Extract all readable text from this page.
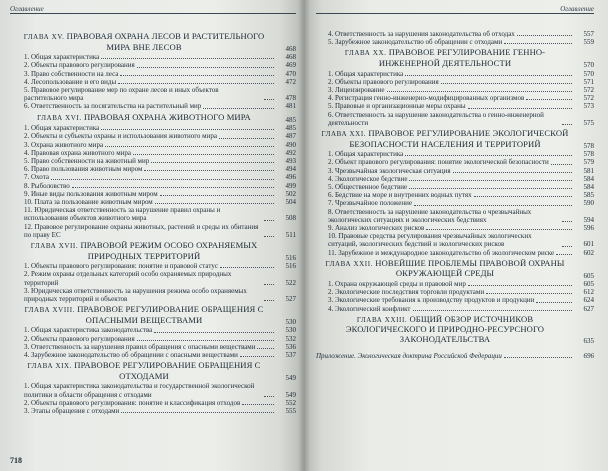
Оглавление
ГЛАВА XV. ПРАВОВАЯ ОХРАНА ЛЕСОВ И РАСТИТЕЛЬНОГО МИРА ВНЕ ЛЕСОВ	468
1. Общая характеристика	468
2. Объекты правового регулирования	469
3. Право собственности на леса	470
4. Лесопользование и его виды	472
5. Правовое регулирование мер по охране лесов и иных объектов растительного мира	478
6. Ответственность за посягательства на растительный мир	481
ГЛАВА XVI. ПРАВОВАЯ ОХРАНА ЖИВОТНОГО МИРА	485
1. Общая характеристика	485
2. Объекты и субъекты охраны и использования животного мира	487
3. Охрана животного мира	490
4. Правовая охрана животного мира	492
5. Право собственности на животный мир	493
6. Право пользования животным миром	494
7. Охота	496
8. Рыболовство	499
9. Иные виды пользования животным миром	502
10. Плата за пользование животным миром	504
11. Юридическая ответственность за нарушение правил охраны и использования объектов животного мира	508
12. Правовое регулирование охраны животных, растений и среды их обитания по праву ЕС	511
ГЛАВА XVII. ПРАВОВОЙ РЕЖИМ ОСОБО ОХРАНЯЕМЫХ ПРИРОДНЫХ ТЕРРИТОРИЙ	516
1. Объекты правового регулирования: понятие и правовой статус	516
2. Режим охраны отдельных категорий особо охраняемых природных территорий	522
3. Юридическая ответственность за нарушения режима особо охраняемых природных территорий и объектов	527
ГЛАВА XVIII. ПРАВОВОЕ РЕГУЛИРОВАНИЕ ОБРАЩЕНИЯ С ОПАСНЫМИ ВЕЩЕСТВАМИ	530
1. Общая характеристика законодательства	530
2. Объекты правового регулирования	532
3. Ответственность за нарушения правил обращения с опасными веществами	536
4. Зарубежное законодательство об обращении с опасными веществами	537
ГЛАВА XIX. ПРАВОВОЕ РЕГУЛИРОВАНИЕ ОБРАЩЕНИЯ С ОТХОДАМИ	549
1. Общая характеристика законодательства и государственной экологической политики в области обращения с отходами	549
2. Объекты правового регулирования: понятие и классификация отходов	552
3. Этапы обращения с отходами	555
718
Оглавление
4. Ответственность за нарушения законодательства об отходах	557
5. Зарубежное законодательство об обращении с отходами	559
ГЛАВА XX. ПРАВОВОЕ РЕГУЛИРОВАНИЕ ГЕННО-ИНЖЕНЕРНОЙ ДЕЯТЕЛЬНОСТИ	570
1. Общая характеристика	570
2. Объекты правового регулирования	571
3. Лицензирование	572
4. Регистрация генно-инженерно-модифицированных организмов	572
5. Правовые и организационные меры охраны	573
6. Ответственность за нарушение законодательства о генно-инженерной деятельности	575
ГЛАВА XXI. ПРАВОВОЕ РЕГУЛИРОВАНИЕ ЭКОЛОГИЧЕСКОЙ БЕЗОПАСНОСТИ НАСЕЛЕНИЯ И ТЕРРИТОРИЙ	578
1. Общая характеристика	578
2. Объект правового регулирования: понятие экологической безопасности	579
3. Чрезвычайная экологическая ситуация	581
4. Экологическое бедствие	584
5. Общественное бедствие	584
6. Бедствие на море и внутренних водных путях	585
7. Чрезвычайное положение	590
8. Ответственность за нарушение законодательства о чрезвычайных экологических ситуациях и экологических бедствиях	594
9. Анализ экологических рисков	596
10. Правовые средства регулирования чрезвычайных экологических ситуаций, экологических бедствий и экологических рисков	601
11. Зарубежное и международное законодательство об экологическом риске	602
ГЛАВА XXII. НОВЕЙШИЕ ПРОБЛЕМЫ ПРАВОВОЙ ОХРАНЫ ОКРУЖАЮЩЕЙ СРЕДЫ	605
1. Охрана окружающей среды и правовой мир	605
2. Экологические последствия торговли продуктами	612
3. Экологические требования к производству продуктов и продукции	624
4. Экологический конфликт	627
ГЛАВА XXIII. ОБЩИЙ ОБЗОР ИСТОЧНИКОВ ЭКОЛОГИЧЕСКОГО И ПРИРОДНО-РЕСУРСНОГО ЗАКОНОДАТЕЛЬСТВА	635
Приложение. Экологическая доктрина Российской Федерации	696
